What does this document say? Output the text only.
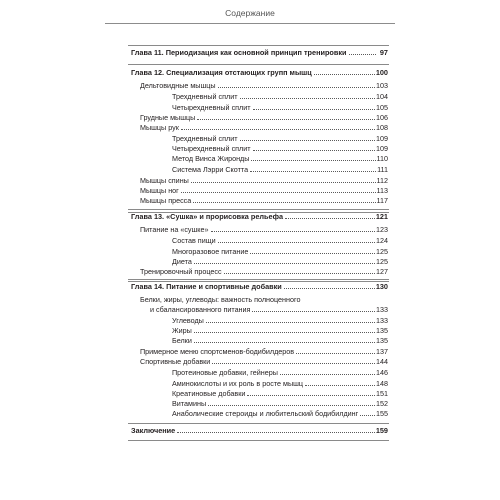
Содержание
Глава 11. Периодизация как основной принцип тренировки	97
Глава 12. Специализация отстающих групп мышц	100
Дельтовидные мышцы	103
Трехдневный сплит	104
Четырехдневный сплит	105
Грудные мышцы	106
Мышцы рук	108
Трехдневный сплит	109
Четырехдневный сплит	109
Метод Винса Жиронды	110
Система Лэрри Скотта	111
Мышцы спины	112
Мышцы ног	113
Мышцы пресса	117
Глава 13. «Сушка» и прорисовка рельефа	121
Питание на «сушке»	123
Состав пищи	124
Многоразовое питание	125
Диета	125
Тренировочный процесс	127
Глава 14. Питание и спортивные добавки	130
Белки, жиры, углеводы: важность полноценного
и сбалансированного питания	133
Углеводы	133
Жиры	135
Белки	135
Примерное меню спортсменов-бодибилдеров	137
Спортивные добавки	144
Протеиновые добавки, гейнеры	146
Аминокислоты и их роль в росте мышц	148
Креатиновые добавки	151
Витамины	152
Анаболические стероиды и любительский бодибилдинг 155
Заключение	159
